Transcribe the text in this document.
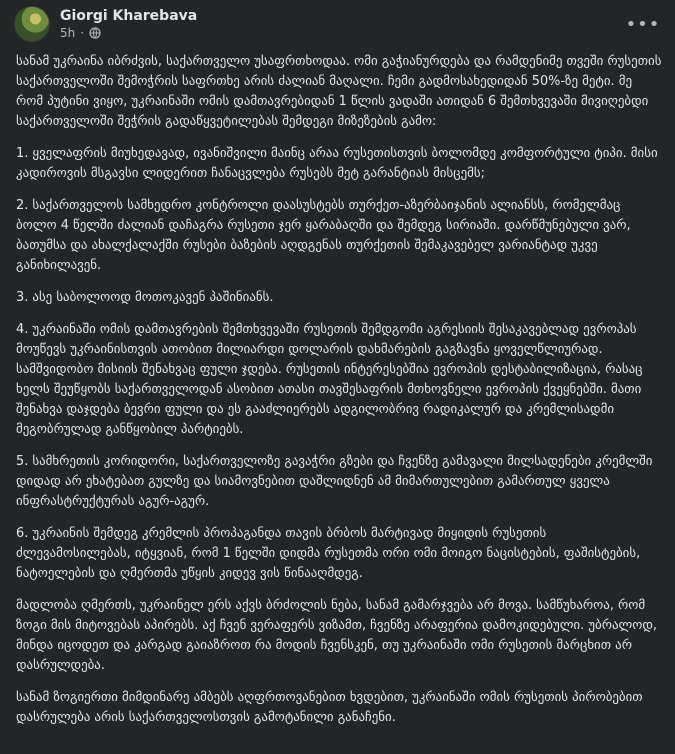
Giorgi Kharebava
5h ·	•••

სანამ უკრაინა იბრძვის, საქართველო უსაფრთხოდაა. ომი გაჭიანურდება და რამდენიმე თვეში რუსეთის საქართველოში შემოჭრის საფრთხე არის ძალიან მაღალი. ჩემი გადმოსახედიდან 50%-ზე მეტი. მე რომ პუტინი ვიყო, უკრაინაში ომის დამთავრებიდან 1 წლის ვადაში ათიდან 6 შემთხვევაში მივიღებდი საქართველოში შეჭრის გადაწყვეტილებას შემდეგი მიზეზების გამო:

1. ყველაფრის მიუხედავად, ივანიშვილი მაინც არაა რუსეთისთვის ბოლომდე კომფორტული ტიპი. მისი კადიროვის მსგავსი ლიდერით ჩანაცვლება რუსებს მეტ გარანტიას მისცემს;

2. საქართველოს სამხედრო კონტროლი დაასუსტებს თურქეთ-აზერბაიჯანის ალიანსს, რომელმაც ბოლო 4 წელში ძალიან დაჩაგრა რუსეთი ჯერ ყარაბაღში და შემდეგ სირიაში. დარწმუნებული ვარ, ბათუმსა და ახალქალაქში რუსები ბაზების აღდგენას თურქეთის შემაკავებელ ვარიანტად უკვე განიხილავენ.

3. ასე საბოლოოდ მოთოკავენ პაშინიანს.

4. უკრაინაში ომის დამთავრების შემთხვევაში რუსეთის შემდგომი აგრესიის შესაკავებლად ევროპას მოუწევს უკრაინისთვის ათობით მილიარდი დოლარის დახმარების გაგზავნა ყოველწლიურად. სამშვიდობო მისიის შენახვაც ფული ჯდება. რუსეთის ინტერესებშია ევროპის დესტაბილიზაცია, რასაც ხელს შეუწყობს საქართველოდან ასობით ათასი თავშესაფრის მთხოვნელი ევროპის ქვეყნებში. მათი შენახვა დაჯდება ბევრი ფული და ეს გააძლიერებს ადგილობრივ რადიკალურ და კრემლისადმი მეგობრულად განწყობილ პარტიებს.

5. სამხრეთის კორიდორი, საქართველოზე გავაჭრი გზები და ჩვენზე გამავალი მილსადენები კრემლში დიდად არ ეხატებათ გულზე და სიამოვნებით დაშლიდნენ ამ მიმართულებით გამართულ ყველა ინფრასტრუქტურას აგურ-აგურ.

6. უკრაინის შემდეგ კრემლის პროპაგანდა თავის ბრბოს მარტივად მიყიდის რუსეთის ძლევამოსილებას, იტყვიან, რომ 1 წელში დიდმა რუსეთმა ორი ომი მოიგო ნაცისტების, ფაშისტების, ნატოელების და ღმერთმა უწყის კიდევ ვის წინააღმდეგ.

მადლობა ღმერთს, უკრაინელ ერს აქვს ბრძოლის ნება, სანამ გამარჯვება არ მოვა. სამწუხაროა, რომ ზოგი მის მიტოვებას აპირებს. აქ ჩვენ ვერაფერს ვიზამთ, ჩვენზე არაფერია დამოკიდებული. უბრალოდ, მინდა იცოდეთ და კარგად გაიაზროთ რა მოდის ჩვენსკენ, თუ უკრაინაში ომი რუსეთის მარცხით არ დასრულდება.

სანამ ზოგიერთი მიმდინარე ამბებს აღფრთოვანებით ხვდებით, უკრაინაში ომის რუსეთის პირობებით დასრულება არის საქართველოსთვის გამოტანილი განაჩენი.
